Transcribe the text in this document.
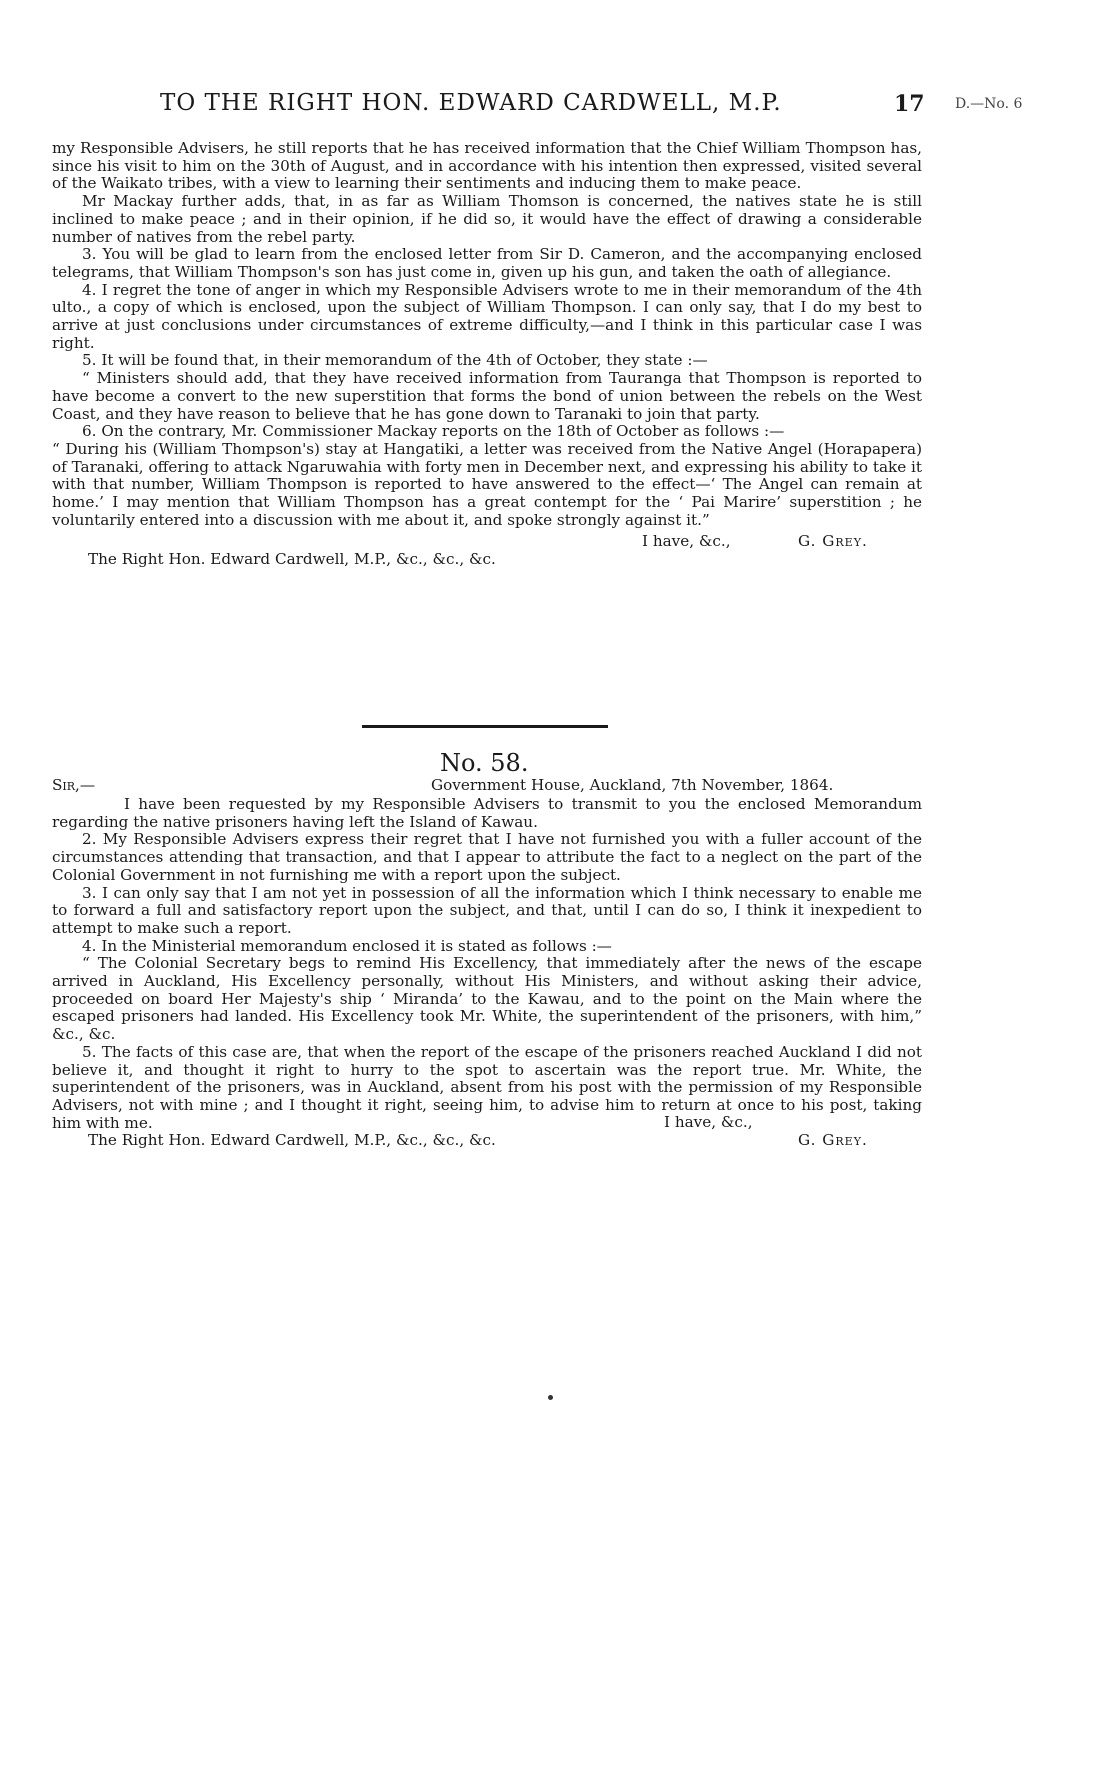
TO THE RIGHT HON. EDWARD CARDWELL, M.P.	17 D.—No. 6

my Responsible Advisers, he still reports that he has received information that the Chief William Thompson has, since his visit to him on the 30th of August, and in accordance with his intention then expressed, visited several of the Waikato tribes, with a view to learning their sentiments and inducing them to make peace.

Mr Mackay further adds, that, in as far as William Thomson is concerned, the natives state he is still inclined to make peace ; and in their opinion, if he did so, it would have the effect of drawing a considerable number of natives from the rebel party.

3. You will be glad to learn from the enclosed letter from Sir D. Cameron, and the accompanying enclosed telegrams, that William Thompson's son has just come in, given up his gun, and taken the oath of allegiance.

4. I regret the tone of anger in which my Responsible Advisers wrote to me in their memorandum of the 4th ulto., a copy of which is enclosed, upon the subject of William Thompson. I can only say, that I do my best to arrive at just conclusions under circumstances of extreme difficulty,—and I think in this particular case I was right.

5. It will be found that, in their memorandum of the 4th of October, they state :—

“ Ministers should add, that they have received information from Tauranga that Thompson is reported to have become a convert to the new superstition that forms the bond of union between the rebels on the West Coast, and they have reason to believe that he has gone down to Taranaki to join that party.

6. On the contrary, Mr. Commissioner Mackay reports on the 18th of October as follows :—

“ During his (William Thompson's) stay at Hangatiki, a letter was received from the Native Angel (Horapapera) of Taranaki, offering to attack Ngaruwahia with forty men in December next, and expressing his ability to take it with that number, William Thompson is reported to have answered to the effect—‘ The Angel can remain at home.’ I may mention that William Thompson has a great contempt for the ‘ Pai Marire’ superstition ; he voluntarily entered into a discussion with me about it, and spoke strongly against it.”

I have, &c.,	G. Grey.

The Right Hon. Edward Cardwell, M.P., &c., &c., &c.

No. 58.
Sir,—	Government House, Auckland, 7th November, 1864.

I have been requested by my Responsible Advisers to transmit to you the enclosed Memorandum regarding the native prisoners having left the Island of Kawau.

2. My Responsible Advisers express their regret that I have not furnished you with a fuller account of the circumstances attending that transaction, and that I appear to attribute the fact to a neglect on the part of the Colonial Government in not furnishing me with a report upon the subject.

3. I can only say that I am not yet in possession of all the information which I think necessary to enable me to forward a full and satisfactory report upon the subject, and that, until I can do so, I think it inexpedient to attempt to make such a report.

4. In the Ministerial memorandum enclosed it is stated as follows :—

“ The Colonial Secretary begs to remind His Excellency, that immediately after the news of the escape arrived in Auckland, His Excellency personally, without His Ministers, and without asking their advice, proceeded on board Her Majesty's ship ‘ Miranda’ to the Kawau, and to the point on the Main where the escaped prisoners had landed. His Excellency took Mr. White, the superintendent of the prisoners, with him,” &c., &c.

5. The facts of this case are, that when the report of the escape of the prisoners reached Auckland I did not believe it, and thought it right to hurry to the spot to ascertain was the report true. Mr. White, the superintendent of the prisoners, was in Auckland, absent from his post with the permission of my Responsible Advisers, not with mine ; and I thought it right, seeing him, to advise him to return at once to his post, taking him with me.

The Right Hon. Edward Cardwell, M.P., &c., &c., &c.
I have, &c.,
G. Grey.
